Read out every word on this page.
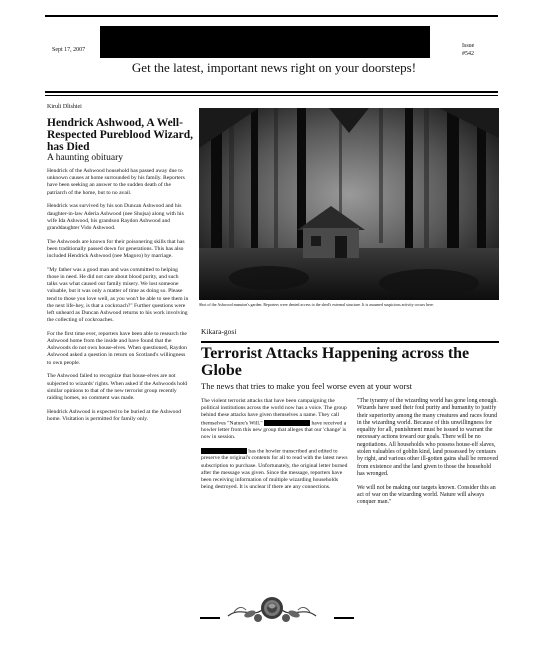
Sept 17, 2007
Issue
#542
Get the latest, important news right on your doorsteps!
Kiruli Dlishiei
Hendrick Ashwood, A Well-Respected Pureblood Wizard, has Died
A haunting obituary

Hendrick of the Ashwood household has passed away due to unknown causes at home surrounded by his family. Reporters have been seeking an answer to the sudden death of the patriarch of the home, but to no avail.

Hendrick was survived by his son Duncan Ashwood and his daughter-in-law Aderia Ashwood (nee Shujsa) along with his wife Ida Ashwood, his grandson Raydon Ashwood and granddaughter Vido Ashwood.

The Ashwoods are known for their poisonering skills that has been traditionally passed down for generations. This has also included Hendrick Ashwood (nee Magoro) by marriage.

"My father was a good man and was committed to helping those in need. He did not care about blood purity, and such talks was what caused our family misery. We lost someone valuable, but it was only a matter of time as doing so. Please tend to those you love well, as you won't be able to see them in the next life-hey, is that a cockroach?" Further questions were left unheard as Duncan Ashwood returns to his work involving the collecting of cockroaches.

For the first time ever, reporters have been able to research the Ashwood home from the inside and have found that the Ashwoods do not own house-elves. When questioned, Raydon Ashwood asked a question in return on Scotland's willingness to own people.

The Ashwood failed to recognize that house-elves are not subjected to wizards' rights. When asked if the Ashwoods hold similar opinions to that of the new terrorist group recently raiding homes, no comment was made.

Hendrick Ashwood is expected to be buried at the Ashwood home. Visitation is permitted for family only.

Shot of the Ashwood mansion's garden. Reporters were denied access to the shed's external structure. It is assumed suspicious activity occurs here.
Kikara-gosi
Terrorist Attacks Happening across the Globe
The news that tries to make you feel worse even at your worst

The violent terrorist attacks that have been campaigning the political institutions across the world now has a voice. The group behind these attacks have given themselves a name. They call themselves "Nature's Will."	have received a howler letter from this new group that alleges that our 'change' is now in session.

has the howler transcribed and edited to preserve the original's contents for all to read with the latest news subscription to purchase. Unfortunately, the original letter burned after the message was given. Since the message, reporters have been receiving information of multiple wizarding households being destroyed. It is unclear if there are any connections.

"The tyranny of the wizarding world has gone long enough. Wizards have used their foul purity and humanity to justify their superiority among the many creatures and races found in the wizarding world. Because of this unwillingness for equality for all, punishment must be issued to warrant the necessary actions toward our goals. There will be no negotiations. All households who possess house-elf slaves, stolen valuables of goblin kind, land possessed by centaurs by right, and various other ill-gotten gains shall be removed from existence and the land given to those the household has wronged.

We will not be making our targets known. Consider this an act of war on the wizarding world. Nature will always conquer man."
